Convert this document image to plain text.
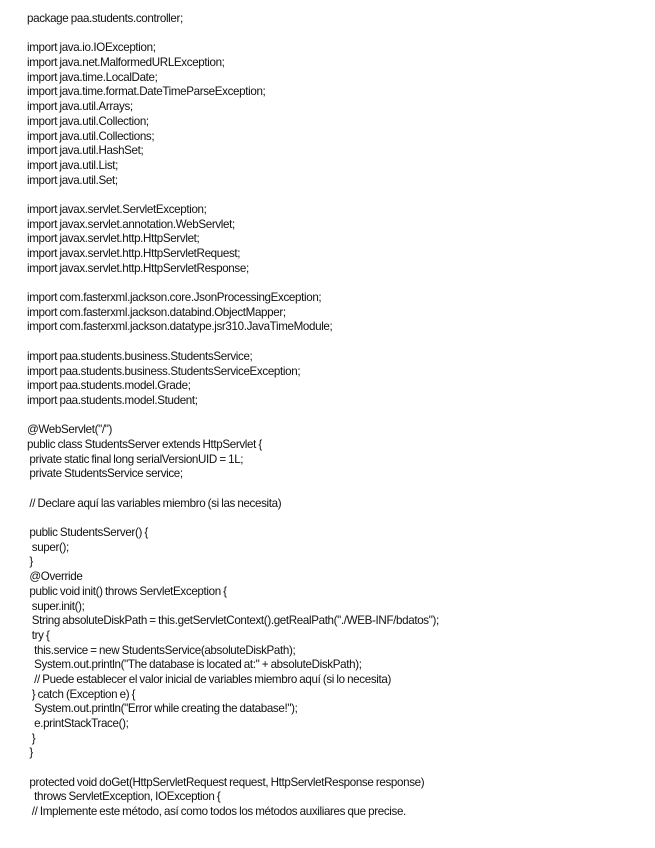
package paa.students.controller;
import java.io.IOException;
import java.net.MalformedURLException;
import java.time.LocalDate;
import java.time.format.DateTimeParseException;
import java.util.Arrays;
import java.util.Collection;
import java.util.Collections;
import java.util.HashSet;
import java.util.List;
import java.util.Set;
import javax.servlet.ServletException;
import javax.servlet.annotation.WebServlet;
import javax.servlet.http.HttpServlet;
import javax.servlet.http.HttpServletRequest;
import javax.servlet.http.HttpServletResponse;
import com.fasterxml.jackson.core.JsonProcessingException;
import com.fasterxml.jackson.databind.ObjectMapper;
import com.fasterxml.jackson.datatype.jsr310.JavaTimeModule;
import paa.students.business.StudentsService;
import paa.students.business.StudentsServiceException;
import paa.students.model.Grade;
import paa.students.model.Student;
@WebServlet("/")
public class StudentsServer extends HttpServlet {
private static final long serialVersionUID = 1L;
private StudentsService service;
// Declare aquí las variables miembro (si las necesita)
public StudentsServer() {
super();
}
@Override
public void init() throws ServletException {
super.init();
String absoluteDiskPath = this.getServletContext().getRealPath("./WEB-INF/bdatos");
try {
this.service = new StudentsService(absoluteDiskPath);
System.out.println("The database is located at:" + absoluteDiskPath);
// Puede establecer el valor inicial de variables miembro aquí (si lo necesita)
} catch (Exception e) {
System.out.println("Error while creating the database!");
e.printStackTrace();
}
}
protected void doGet(HttpServletRequest request, HttpServletResponse response)
throws ServletException, IOException {
// Implemente este método, así como todos los métodos auxiliares que precise.
